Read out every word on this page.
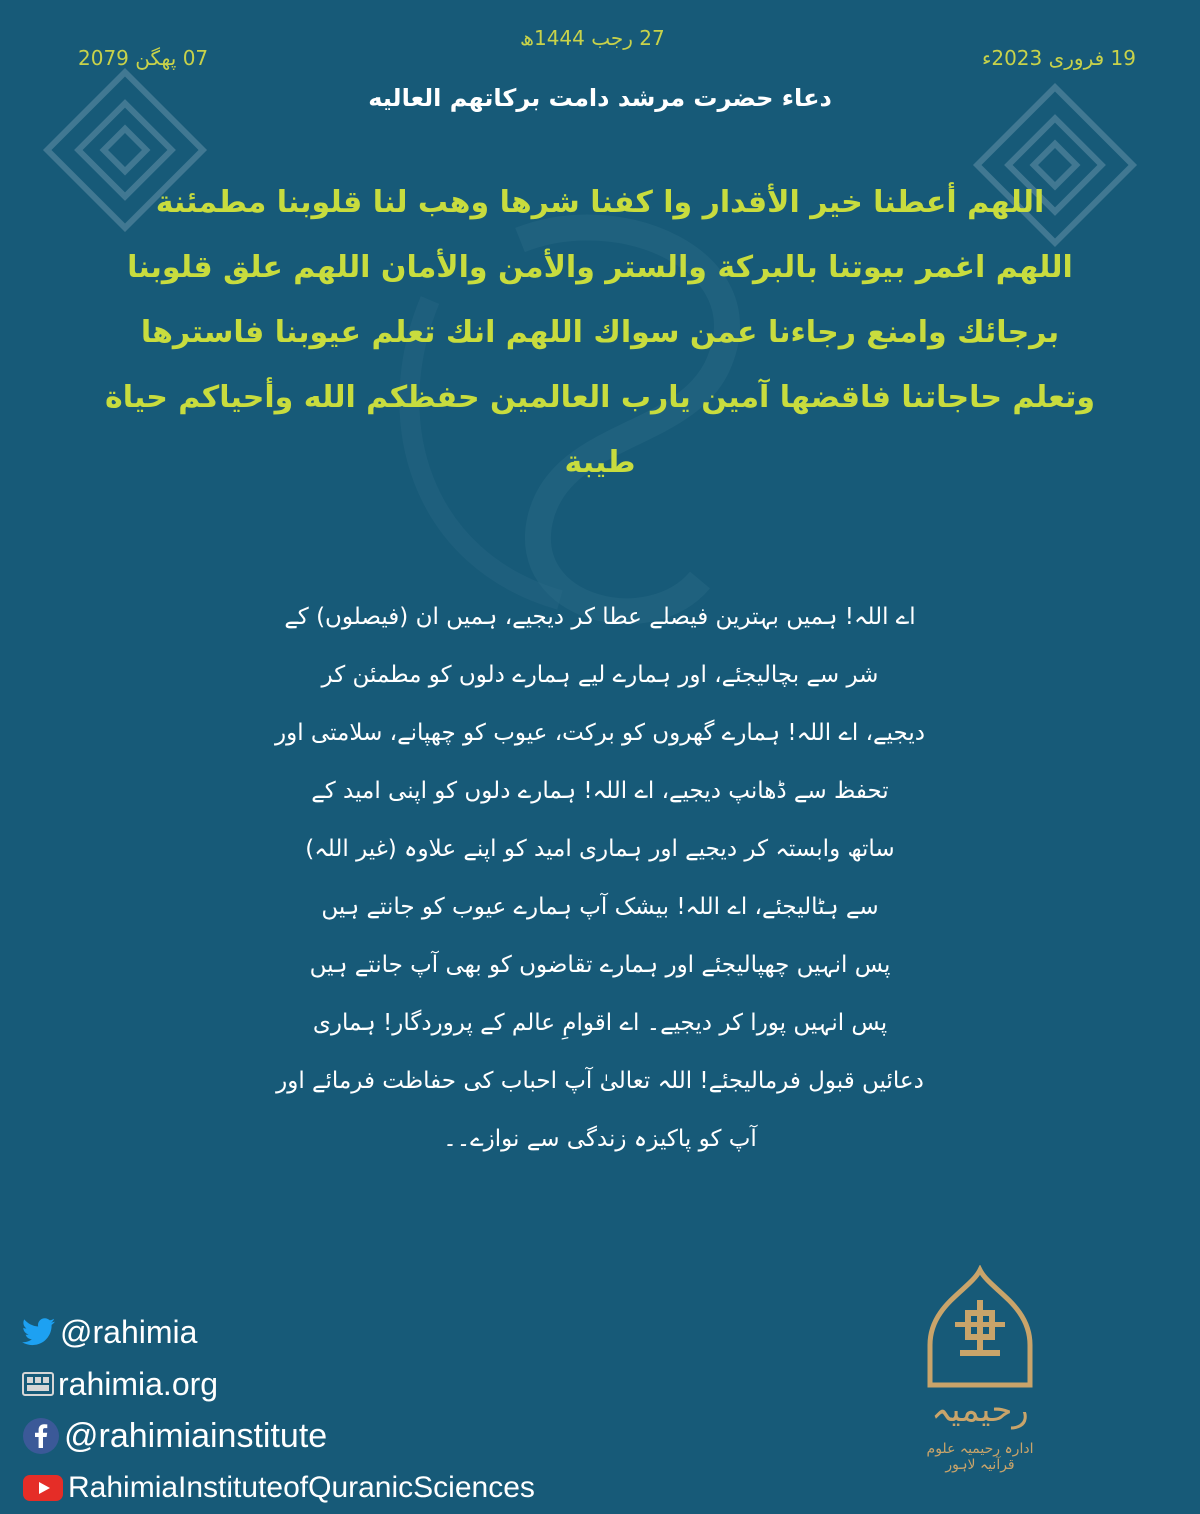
19 فروری 2023ء
27 رجب 1444ھ
07 پھگن 2079
دعاء حضرت مرشد دامت برکاتهم العالیه
اللهم أعطنا خير الأقدار وا كفنا شرها وهب لنا قلوبنا مطمئنة
اللهم اغمر بيوتنا بالبركة والستر والأمن والأمان اللهم علق قلوبنا
برجائك وامنع رجاءنا عمن سواك اللهم انك تعلم عيوبنا فاسترها
وتعلم حاجاتنا فاقضها آمين يارب العالمين حفظكم الله وأحياكم حياة
طيبة
اے اللہ! ہمیں بہترین فیصلے عطا کر دیجیے، ہمیں ان (فیصلوں) کے
شر سے بچالیجئے، اور ہمارے لیے ہمارے دلوں کو مطمئن کر
دیجیے، اے اللہ! ہمارے گھروں کو برکت، عیوب کو چھپانے، سلامتی اور
تحفظ سے ڈھانپ دیجیے، اے اللہ! ہمارے دلوں کو اپنی امید کے
ساتھ وابستہ کر دیجیے اور ہماری امید کو اپنے علاوہ (غیر اللہ)
سے ہٹالیجئے، اے اللہ! بیشک آپ ہمارے عیوب کو جانتے ہیں
پس انہیں چھپالیجئے اور ہمارے تقاضوں کو بھی آپ جانتے ہیں
پس انہیں پورا کر دیجیے۔ اے اقوامِ عالم کے پروردگار! ہماری
دعائیں قبول فرمالیجئے! اللہ تعالیٰ آپ احباب کی حفاظت فرمائے اور
آپ کو پاکیزہ زندگی سے نوازے۔۔
@rahimia
rahimia.org
@rahimiainstitute
RahimiaInstituteofQuranicSciences
رحیمیہ
ادارہ رحیمیہ علوم قرآنیہ لاہور
